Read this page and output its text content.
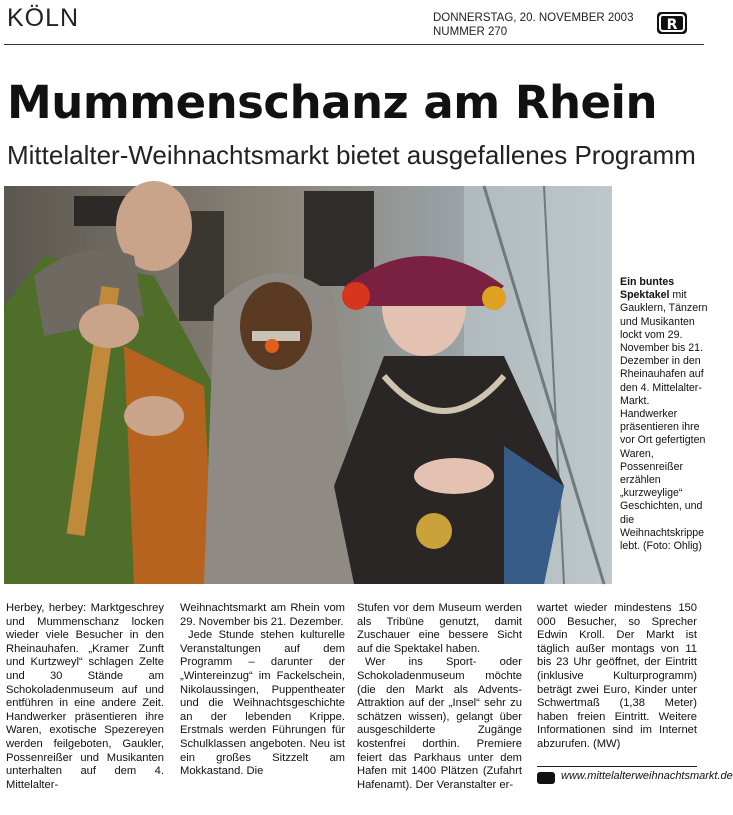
KÖLN	DONNERSTAG, 20. NOVEMBER 2003
NUMMER 270	R
Mummenschanz am Rhein
Mittelalter-Weihnachtsmarkt bietet ausgefallenes Programm
Ein buntes Spektakel mit Gauklern, Tänzern und Musikanten lockt vom 29. November bis 21. Dezember in den Rheinauhafen auf den 4. Mittelalter-Markt. Handwerker präsentieren ihre vor Ort gefertigten Waren, Possenreißer erzählen „kurzweylige“ Geschichten, und die Weihnachtskrippe lebt. (Foto: Ohlig)

Herbey, herbey: Marktgeschrey und Mummenschanz locken wieder viele Besucher in den Rheinauhafen. „Kramer Zunft und Kurtzweyl“ schlagen Zelte und 30 Stände am Schokoladenmuseum auf und entführen in eine andere Zeit. Handwerker präsentieren ihre Waren, exotische Spezereyen werden feilgeboten, Gaukler, Possenreißer und Musikanten unterhalten auf dem 4. Mittelalter-

Weihnachtsmarkt am Rhein vom 29. November bis 21. Dezember.

Jede Stunde stehen kulturelle Veranstaltungen auf dem Programm – darunter der „Wintereinzug“ im Fackelschein, Nikolaussingen, Puppentheater und die Weihnachtsgeschichte an der lebenden Krippe. Erstmals werden Führungen für Schulklassen angeboten. Neu ist ein großes Sitzzelt am Mokkastand. Die

Stufen vor dem Museum werden als Tribüne genutzt, damit Zuschauer eine bessere Sicht auf die Spektakel haben.

Wer ins Sport- oder Schokoladenmuseum möchte (die den Markt als Advents-Attraktion auf der „Insel“ sehr zu schätzen wissen), gelangt über ausgeschilderte Zugänge kostenfrei dorthin. Premiere feiert das Parkhaus unter dem Hafen mit 1400 Plätzen (Zufahrt Hafenamt). Der Veranstalter er-

wartet wieder mindestens 150 000 Besucher, so Sprecher Edwin Kroll. Der Markt ist täglich außer montags von 11 bis 23 Uhr geöffnet, der Eintritt (inklusive Kulturprogramm) beträgt zwei Euro, Kinder unter Schwertmaß (1,38 Meter) haben freien Eintritt. Weitere Informationen sind im Internet abzurufen. (MW)

www.mittelalterweihnachtsmarkt.de
